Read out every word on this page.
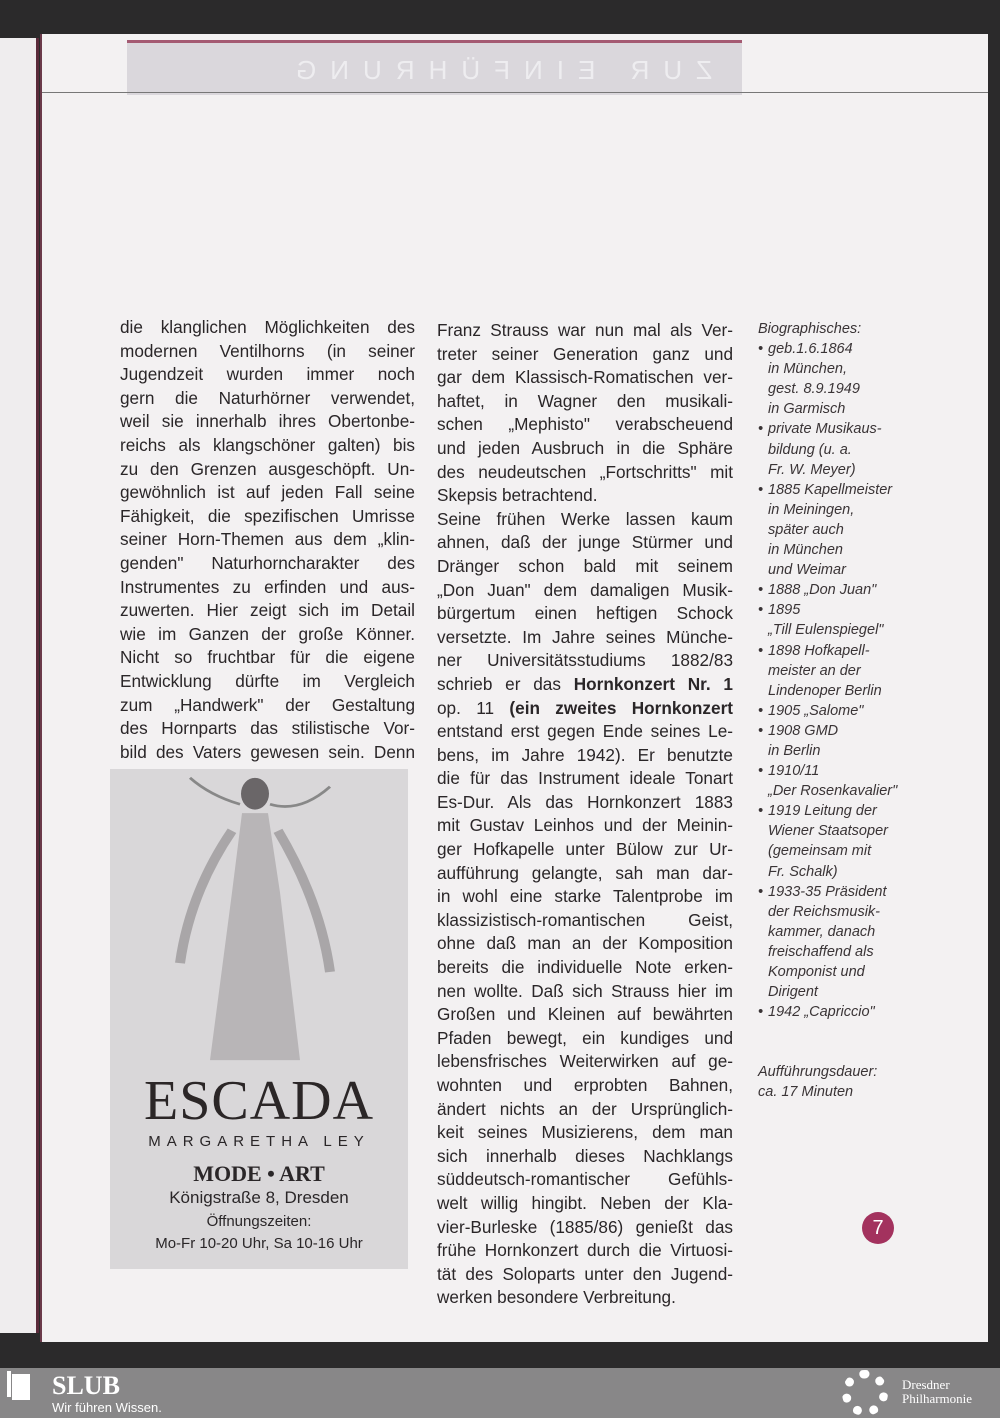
ZUR EINFÜHRUNG
die klanglichen Möglichkeiten des
modernen Ventilhorns (in seiner
Jugendzeit wurden immer noch
gern die Naturhörner verwendet,
weil sie innerhalb ihres Obertonbe-
reichs als klangschöner galten) bis
zu den Grenzen ausgeschöpft. Un-
gewöhnlich ist auf jeden Fall seine
Fähigkeit, die spezifischen Umrisse
seiner Horn-Themen aus dem „klin-
genden" Naturhorncharakter des
Instrumentes zu erfinden und aus-
zuwerten. Hier zeigt sich im Detail
wie im Ganzen der große Könner.
Nicht so fruchtbar für die eigene
Entwicklung dürfte im Vergleich
zum „Handwerk" der Gestaltung
des Hornparts das stilistische Vor-
bild des Vaters gewesen sein. Denn
ESCADA
MARGARETHA LEY
MODE • ART
Königstraße 8, Dresden
Öffnungszeiten:
Mo-Fr 10-20 Uhr, Sa 10-16 Uhr
Franz Strauss war nun mal als Ver-
treter seiner Generation ganz und
gar dem Klassisch-Romatischen ver-
haftet, in Wagner den musikali-
schen „Mephisto" verabscheuend
und jeden Ausbruch in die Sphäre
des neudeutschen „Fortschritts" mit
Skepsis betrachtend.
Seine frühen Werke lassen kaum
ahnen, daß der junge Stürmer und
Dränger schon bald mit seinem
„Don Juan" dem damaligen Musik-
bürgertum einen heftigen Schock
versetzte. Im Jahre seines Münche-
ner Universitätsstudiums 1882/83
schrieb er das Hornkonzert Nr. 1
op. 11 (ein zweites Hornkonzert
entstand erst gegen Ende seines Le-
bens, im Jahre 1942). Er benutzte
die für das Instrument ideale Tonart
Es-Dur. Als das Hornkonzert 1883
mit Gustav Leinhos und der Meinin-
ger Hofkapelle unter Bülow zur Ur-
aufführung gelangte, sah man dar-
in wohl eine starke Talentprobe im
klassizistisch-romantischen Geist,
ohne daß man an der Komposition
bereits die individuelle Note erken-
nen wollte. Daß sich Strauss hier im
Großen und Kleinen auf bewährten
Pfaden bewegt, ein kundiges und
lebensfrisches Weiterwirken auf ge-
wohnten und erprobten Bahnen,
ändert nichts an der Ursprünglich-
keit seines Musizierens, dem man
sich innerhalb dieses Nachklangs
süddeutsch-romantischer Gefühls-
welt willig hingibt. Neben der Kla-
vier-Burleske (1885/86) genießt das
frühe Hornkonzert durch die Virtuosi-
tät des Soloparts unter den Jugend-
werken besondere Verbreitung.
Biographisches:
• geb.1.6.1864
in München,
gest. 8.9.1949
in Garmisch
• private Musikaus-
bildung (u. a.
Fr. W. Meyer)
• 1885 Kapellmeister
in Meiningen,
später auch
in München
und Weimar
• 1888 „Don Juan"
• 1895
„Till Eulenspiegel"
• 1898 Hofkapell-
meister an der
Lindenoper Berlin
• 1905 „Salome"
• 1908 GMD
in Berlin
• 1910/11
„Der Rosenkavalier"
• 1919 Leitung der
Wiener Staatsoper
(gemeinsam mit
Fr. Schalk)
• 1933-35 Präsident
der Reichsmusik-
kammer, danach
freischaffend als
Komponist und
Dirigent
• 1942 „Capriccio"
Aufführungsdauer:
ca. 17 Minuten
7
SLUB
Wir führen Wissen.
Dresdner
Philharmonie
